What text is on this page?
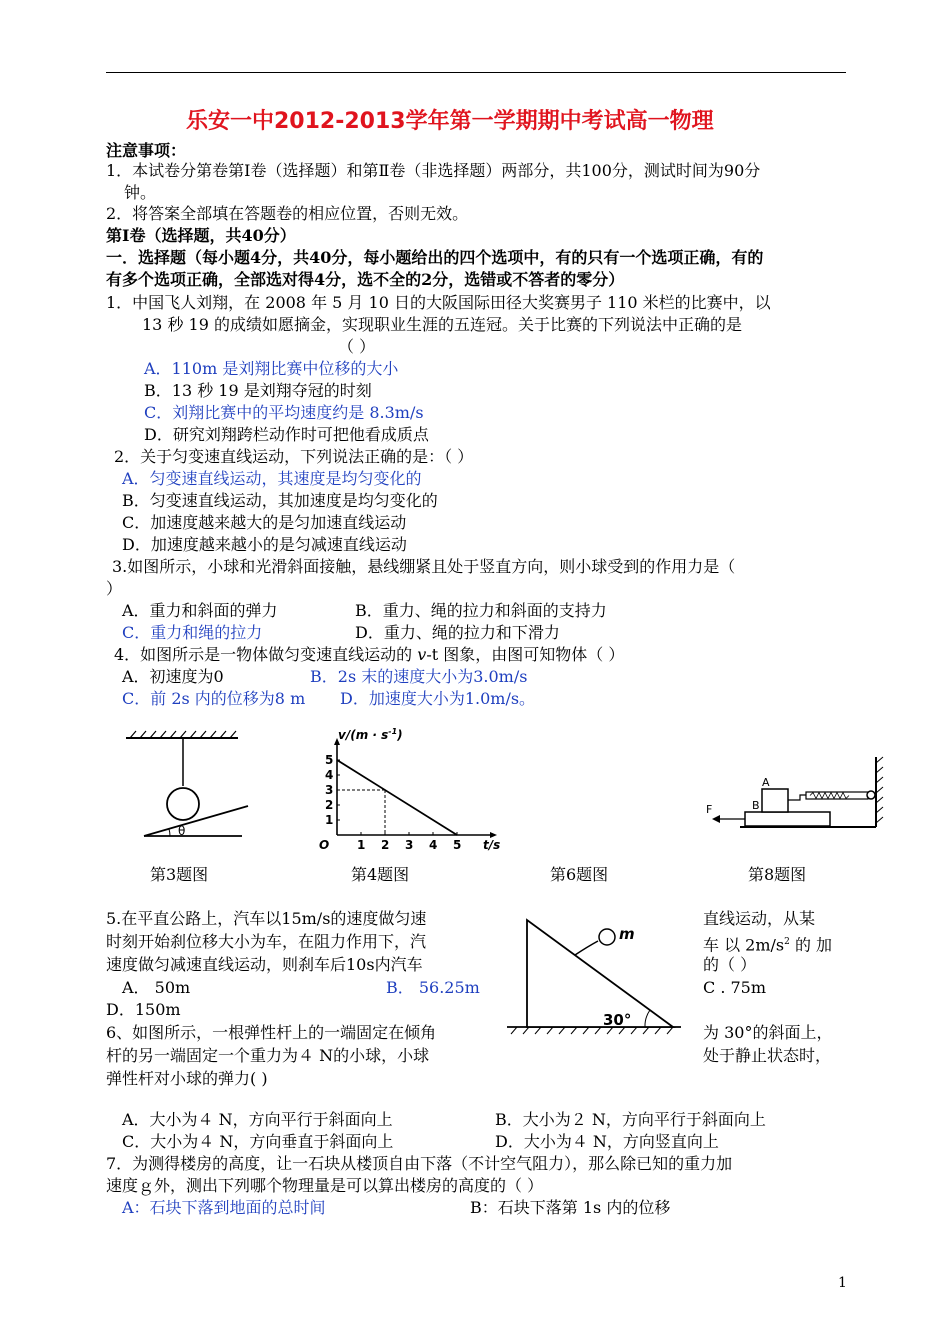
乐安一中2012-2013学年第一学期期中考试高一物理
注意事项：
1．本试卷分第卷第Ⅰ卷（选择题）和第Ⅱ卷（非选择题）两部分，共100分，测试时间为90分
钟。
2．将答案全部填在答题卷的相应位置，否则无效。
第Ⅰ卷（选择题，共40分）
一．选择题（每小题4分，共40分，每小题给出的四个选项中，有的只有一个选项正确，有的
有多个选项正确，全部选对得4分，选不全的2分，选错或不答者的零分）
1．中国飞人刘翔，在 2008 年 5 月 10 日的大阪国际田径大奖赛男子 110 米栏的比赛中，以
13 秒 19 的成绩如愿摘金，实现职业生涯的五连冠。关于比赛的下列说法中正确的是
（ ）
A．110m 是刘翔比赛中位移的大小
B．13 秒 19 是刘翔夺冠的时刻
C．刘翔比赛中的平均速度约是 8.3m/s
D．研究刘翔跨栏动作时可把他看成质点
2．关于匀变速直线运动，下列说法正确的是：（ ）
A．匀变速直线运动，其速度是均匀变化的
B．匀变速直线运动，其加速度是均匀变化的
C．加速度越来越大的是匀加速直线运动
D．加速度越来越小的是匀减速直线运动
3.如图所示，小球和光滑斜面接触，悬线绷紧且处于竖直方向，则小球受到的作用力是（
）
A．重力和斜面的弹力	B．重力、绳的拉力和斜面的支持力
C．重力和绳的拉力	D．重力、绳的拉力和下滑力
4．如图所示是一物体做匀变速直线运动的 v-t 图象，由图可知物体（ ）
A．初速度为0	B．2s 末的速度大小为3.0m/s
C．前 2s 内的位移为8 m D．加速度大小为1.0m/s。
θ
$v/(m \cdot s^{-1})$
1 2 3 4 5
1
2
3
4
5
O	t/s
A
B
F
第3题图	第4题图	第6题图	第8题图
5.在平直公路上，汽车以15m/s的速度做匀速	直线运动，从某
时刻开始刹位移大小为车，在阻力作用下，汽	车 以 $2m/s^2$ 的 加
速度做匀减速直线运动，则刹车后10s内汽车	的（ ）
A． 50m	B． 56.25m	C . 75m
D．150m
m
30°
6、如图所示，一根弹性杆上的一端固定在倾角	为 30°的斜面上，
杆的另一端固定一个重力为４ N的小球，小球	处于静止状态时，
弹性杆对小球的弹力( )
A．大小为４ N，方向平行于斜面向上	B．大小为２ N，方向平行于斜面向上
C．大小为４ N，方向垂直于斜面向上	D．大小为４ N，方向竖直向上
7．为测得楼房的高度，让一石块从楼顶自由下落（不计空气阻力），那么除已知的重力加
速度ｇ外，测出下列哪个物理量是可以算出楼房的高度的（ ）
A：石块下落到地面的总时间	B：石块下落第 1s 内的位移
1
